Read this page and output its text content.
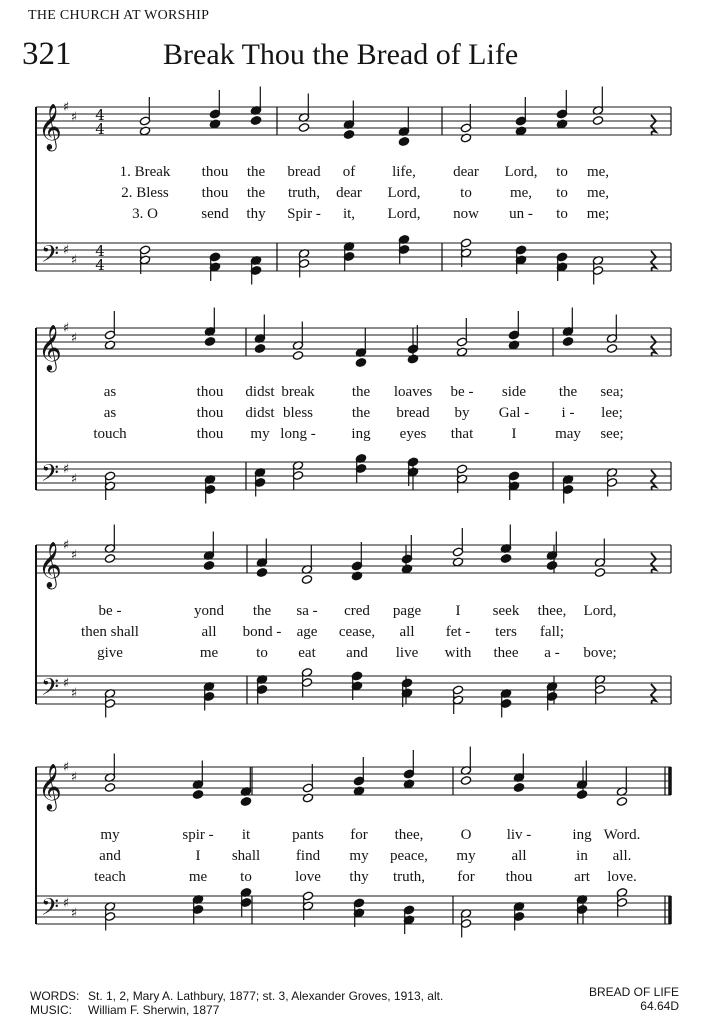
THE CHURCH AT WORSHIP
321	Break Thou the Bread of Life
𝄞
𝄢
♯
♯
♯
♯
4
4
4
4
𝄞
𝄢
♯
♯
♯
♯
𝄞
𝄢
♯
♯
♯
♯
𝄞
𝄢
♯
♯
♯
♯
1. Break thou the bread of life, dear Lord, to me,
2. Bless thou the truth, dear Lord,	to	me, to me,
3. O	send thy Spir - it, Lord, now un - to me;
as	thou didst break the loaves be - side the sea;
as	thou didst bless	the bread by Gal - i - lee;
touch	thou my long - ing eyes that	I	may see;
be -	yond the sa - cred page I seek thee, Lord,
then shall	all bond - age cease, all fet - ters fall;
give	me	to eat and live with thee a - bove;
my	spir - it	pants for thee, O liv -	ing Word.
and	I shall find my peace, my all	in all.
teach	me to	love thy truth, for thou	art love.
WORDS: St. 1, 2, Mary A. Lathbury, 1877; st. 3, Alexander Groves, 1913, alt.
MUSIC: William F. Sherwin, 1877
BREAD OF LIFE
64.64D
